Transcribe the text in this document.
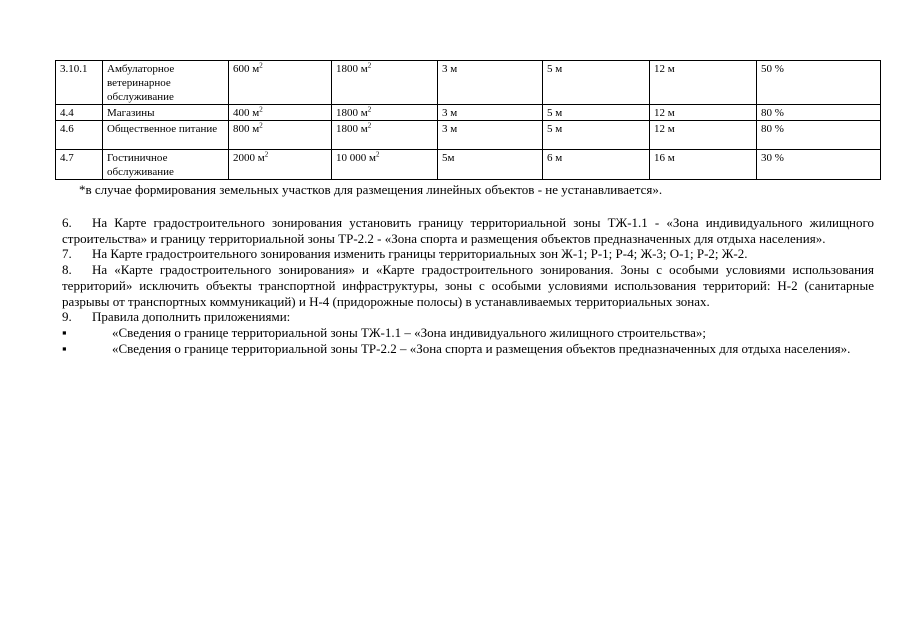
3.10.1	Амбулаторное ветеринарное обслуживание	600 $м^2$	1800 $м^2$	3 м	5 м	12 м	50 %
4.4	Магазины	400 $м^2$	1800 $м^2$	3 м	5 м	12 м	80 %
4.6	Общественное питание	800 $м^2$	1800 $м^2$	3 м	5 м	12 м	80 %
4.7	Гостиничное обслуживание	2000 $м^2$	10 000 $м^2$	5м	6 м	16 м	30 %
*в случае формирования земельных участков для размещения линейных объектов - не устанавливается».

6. На Карте градостроительного зонирования установить границу территориальной зоны ТЖ-1.1 - «Зона индивидуального жилищного строительства» и границу территориальной зоны ТР-2.2 - «Зона спорта и размещения объектов предназначенных для отдыха населения».

7. На Карте градостроительного зонирования изменить границы территориальных зон Ж-1; Р-1; Р-4; Ж-3; О-1; Р-2; Ж-2.

8. На «Карте градостроительного зонирования» и «Карте градостроительного зонирования. Зоны с особыми условиями использования территорий» исключить объекты транспортной инфраструктуры, зоны с особыми условиями использования территорий: Н-2 (санитарные разрывы от транспортных коммуникаций) и Н-4 (придорожные полосы) в устанавливаемых территориальных зонах.

9. Правила дополнить приложениями:

▪	«Сведения о границе территориальной зоны ТЖ-1.1 – «Зона индивидуального жилищного строительства»;

▪	«Сведения о границе территориальной зоны ТР-2.2 – «Зона спорта и размещения объектов предназначенных для отдыха населения».
